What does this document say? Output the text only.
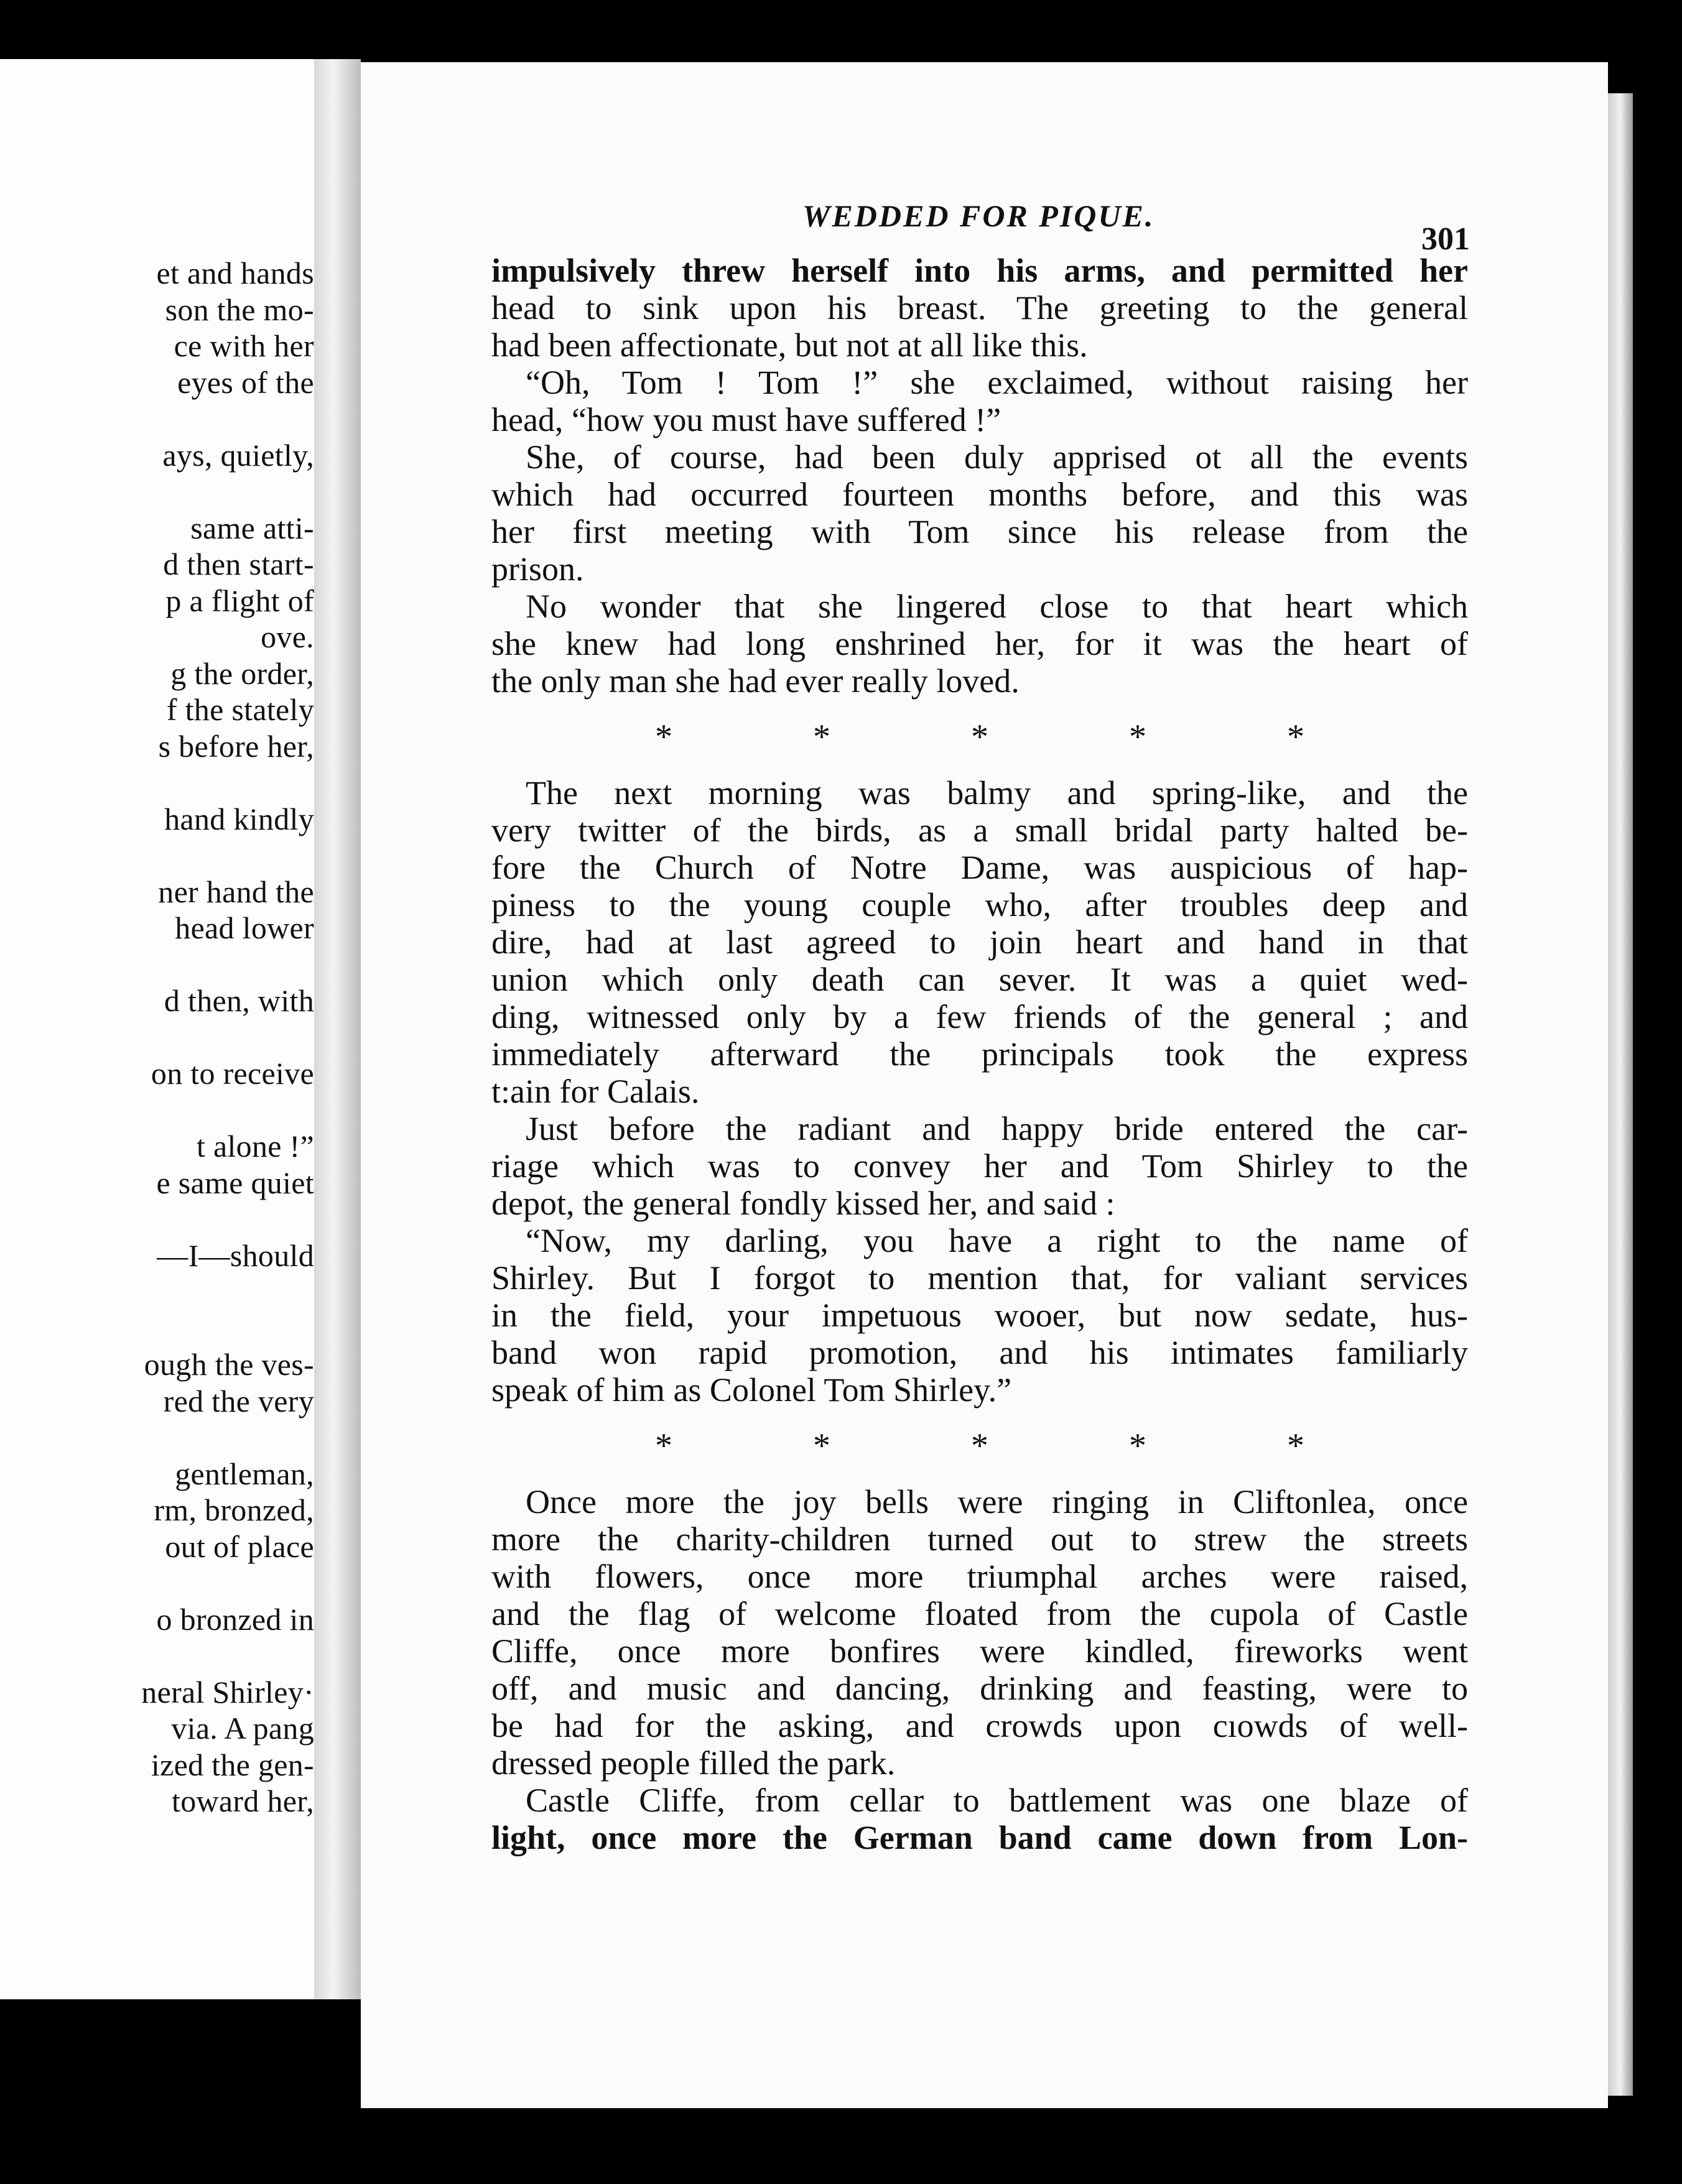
et and hands
son the mo-
ce with her
eyes of the
ays, quietly,
same atti-
d then start-
p a flight of
ove.
g the order,
f the stately
s before her,
hand kindly
ner hand the
head lower
d then, with
on to receive
t alone !”
e same quiet
—I—should
ough the ves-
red the very
gentleman,
rm, bronzed,
out of place
o bronzed in
neral Shirley·
via. A pang
ized the gen-
toward her,
WEDDED FOR PIQUE.
301
impulsively threw herself into his arms, and permitted her
head to sink upon his breast. The greeting to the general
had been affectionate, but not at all like this.
“Oh, Tom ! Tom !” she exclaimed, without raising her
head, “how you must have suffered !”
She, of course, had been duly apprised ot all the events
which had occurred fourteen months before, and this was
her first meeting with Tom since his release from the
prison.
No wonder that she lingered close to that heart which
she knew had long enshrined her, for it was the heart of
the only man she had ever really loved.
*	*	*	*	*
The next morning was balmy and spring-like, and the
very twitter of the birds, as a small bridal party halted be-
fore the Church of Notre Dame, was auspicious of hap-
piness to the young couple who, after troubles deep and
dire, had at last agreed to join heart and hand in that
union which only death can sever. It was a quiet wed-
ding, witnessed only by a few friends of the general ; and
immediately afterward the principals took the express
t:ain for Calais.
Just before the radiant and happy bride entered the car-
riage which was to convey her and Tom Shirley to the
depot, the general fondly kissed her, and said :
“Now, my darling, you have a right to the name of
Shirley. But I forgot to mention that, for valiant services
in the field, your impetuous wooer, but now sedate, hus-
band won rapid promotion, and his intimates familiarly
speak of him as Colonel Tom Shirley.”
*	*	*	*	*
Once more the joy bells were ringing in Cliftonlea, once
more the charity-children turned out to strew the streets
with flowers, once more triumphal arches were raised,
and the flag of welcome floated from the cupola of Castle
Cliffe, once more bonfires were kindled, fireworks went
off, and music and dancing, drinking and feasting, were to
be had for the asking, and crowds upon cıowds of well-
dressed people filled the park.
Castle Cliffe, from cellar to battlement was one blaze of
light, once more the German band came down from Lon-
